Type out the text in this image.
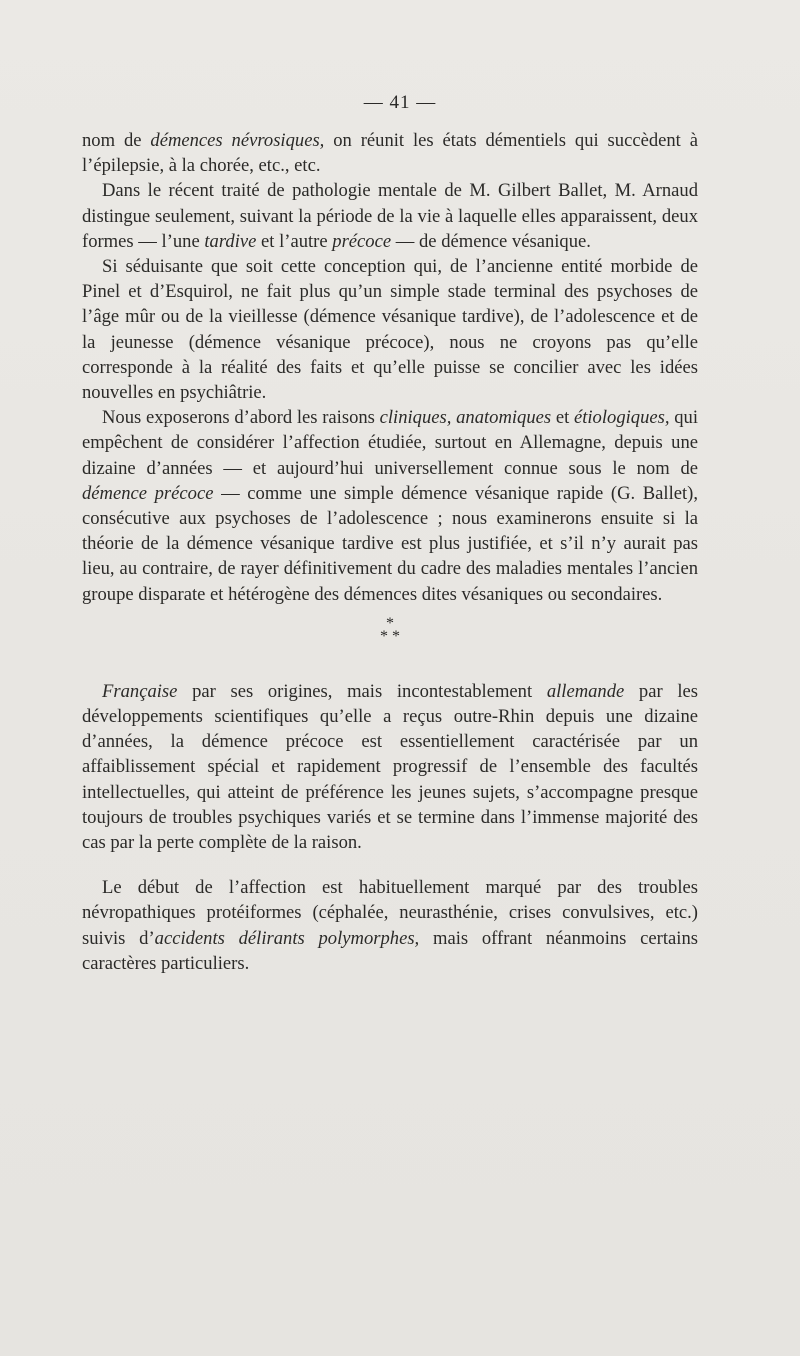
— 41 —

nom de démences névrosiques, on réunit les états démentiels qui succèdent à l’épilepsie, à la chorée, etc., etc.

Dans le récent traité de pathologie mentale de M. Gilbert Ballet, M. Arnaud distingue seulement, suivant la période de la vie à laquelle elles apparaissent, deux formes — l’une tardive et l’autre précoce — de démence vésanique.

Si séduisante que soit cette conception qui, de l’ancienne entité morbide de Pinel et d’Esquirol, ne fait plus qu’un simple stade terminal des psychoses de l’âge mûr ou de la vieillesse (démence vésanique tardive), de l’adolescence et de la jeunesse (démence vésanique précoce), nous ne croyons pas qu’elle corresponde à la réalité des faits et qu’elle puisse se concilier avec les idées nouvelles en psychiâtrie.

Nous exposerons d’abord les raisons cliniques, anatomiques et étiologiques, qui empêchent de considérer l’affection étudiée, surtout en Allemagne, depuis une dizaine d’années — et aujourd’hui universellement connue sous le nom de démence précoce — comme une simple démence vésanique rapide (G. Ballet), consécutive aux psychoses de l’adolescence ; nous examinerons ensuite si la théorie de la démence vésanique tardive est plus justifiée, et s’il n’y aurait pas lieu, au contraire, de rayer définitivement du cadre des maladies mentales l’ancien groupe disparate et hétérogène des démences dites vésaniques ou secondaires.

*
* *

Française par ses origines, mais incontestablement allemande par les développements scientifiques qu’elle a reçus outre-Rhin depuis une dizaine d’années, la démence précoce est essentiellement caractérisée par un affaiblissement spécial et rapidement progressif de l’ensemble des facultés intellectuelles, qui atteint de préférence les jeunes sujets, s’accompagne presque toujours de troubles psychiques variés et se termine dans l’immense majorité des cas par la perte complète de la raison.

Le début de l’affection est habituellement marqué par des troubles névropathiques protéiformes (céphalée, neurasthénie, crises convulsives, etc.) suivis d’accidents délirants polymorphes, mais offrant néanmoins certains caractères particuliers.
